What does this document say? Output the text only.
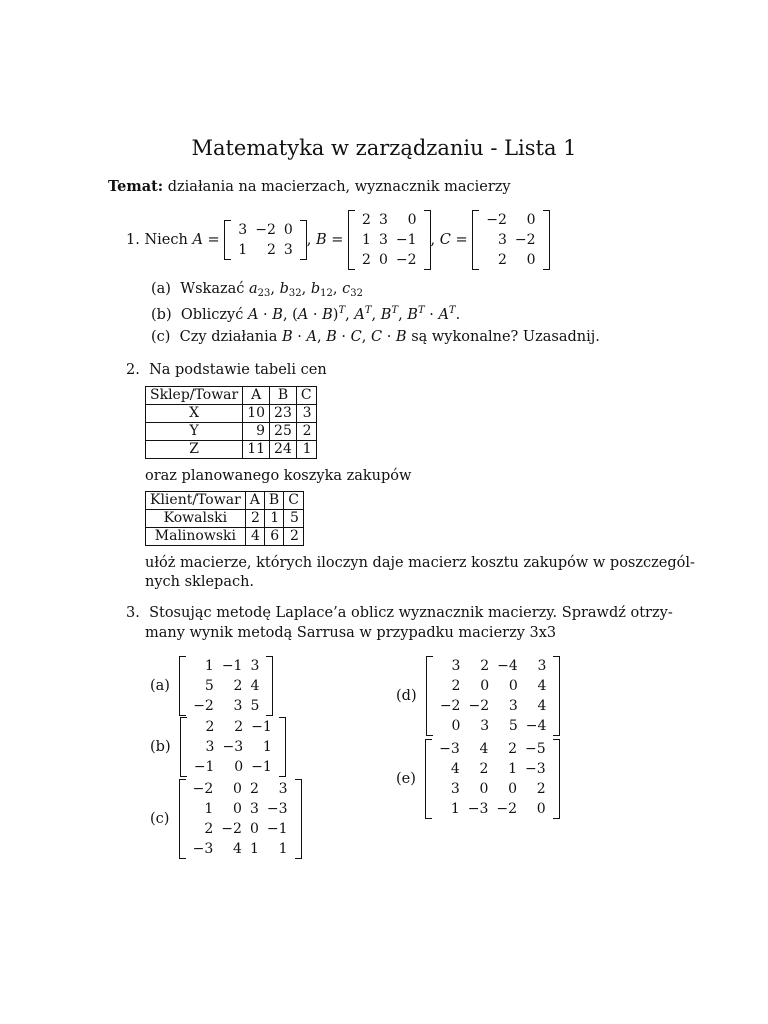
Matematyka w zarządzaniu - Lista 1
Temat: działania na macierzach, wyznacznik macierzy
1.
Niech
A =
3	−2	0
1	2	3
, B =
2	3	0
1	3	−1
2	0	−2
, C =
−2	0
3	−2
2	0
(a) Wskazać $a_{23}$, $b_{32}$, $b_{12}$, $c_{32}$
(b) Obliczyć A · B, $(A \cdot B)^T$, $A^T$, $B^T$, $B^T \cdot A^T$.
(c) Czy działania B · A, B · C, C · B są wykonalne? Uzasadnij.
2. Na podstawie tabeli cen
Sklep/Towar	A	B	C
X	10	23	3
Y	9	25	2
Z	11	24	1
oraz planowanego koszyka zakupów
Klient/Towar	A	B	C
Kowalski	2	1	5
Malinowski	4	6	2
ułóż macierze, których iloczyn daje macierz kosztu zakupów w poszczegól-
nych sklepach.
3. Stosując metodę Laplace’a oblicz wyznacznik macierzy. Sprawdź otrzy-
many wynik metodą Sarrusa w przypadku macierzy 3x3
(a)

1	−1	3
5	2	4
−2	3	5
(b)

2	2	−1
3	−3	1
−1	0	−1
(c)

−2	0	2	3
1	0	3	−3
2	−2	0	−1
−3	4	1	1
(d)

3	2	−4	3
2	0	0	4
−2	−2	3	4
0	3	5	−4
(e)

−3	4	2	−5
4	2	1	−3
3	0	0	2
1	−3	−2	0
